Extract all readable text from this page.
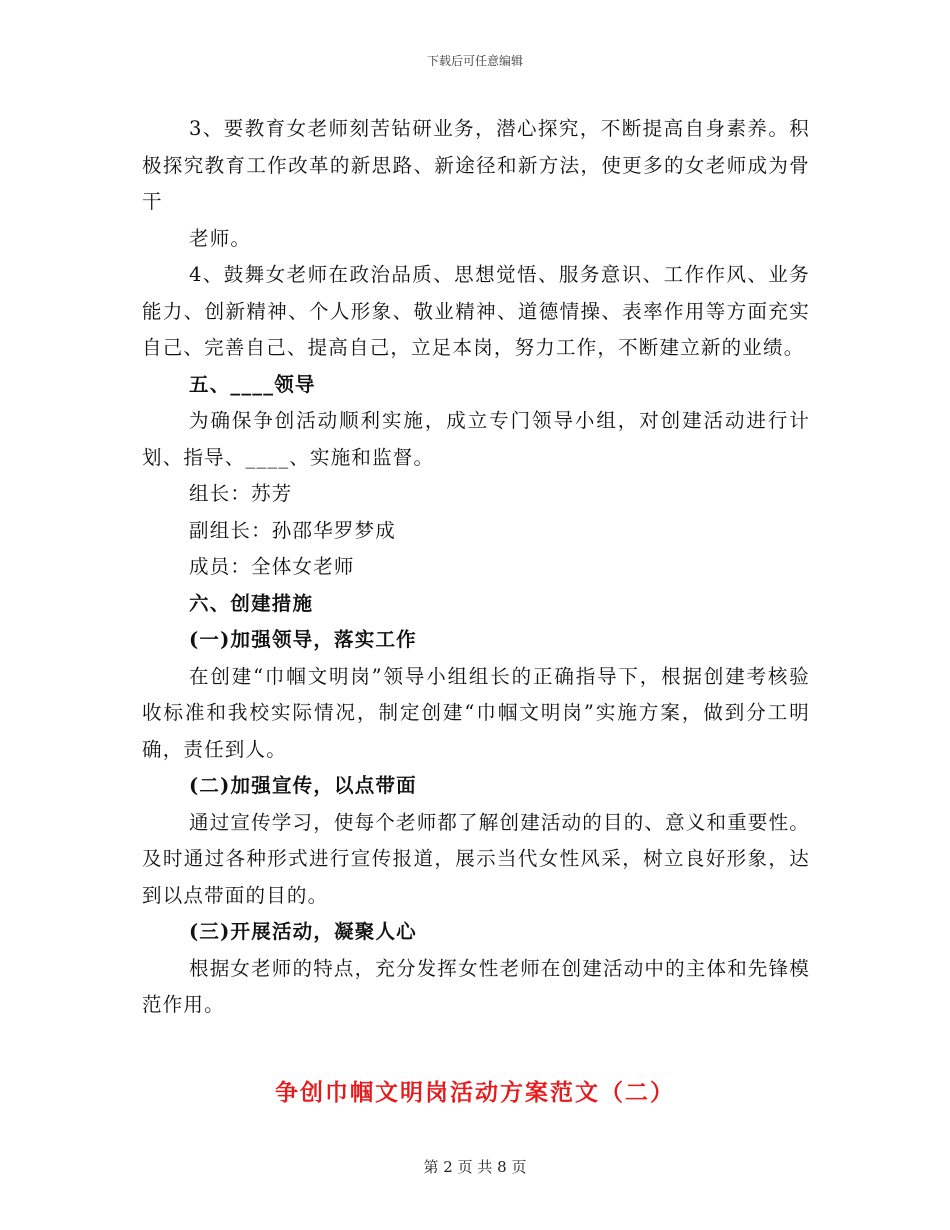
下载后可任意编辑

3、要教育女老师刻苦钻研业务，潜心探究，不断提高自身素养。积极探究教育工作改革的新思路、新途径和新方法，使更多的女老师成为骨干

老师。

4、鼓舞女老师在政治品质、思想觉悟、服务意识、工作作风、业务能力、创新精神、个人形象、敬业精神、道德情操、表率作用等方面充实自己、完善自己、提高自己，立足本岗，努力工作，不断建立新的业绩。

五、____领导

为确保争创活动顺利实施，成立专门领导小组，对创建活动进行计划、指导、____、实施和监督。

组长：苏芳

副组长：孙邵华罗梦成

成员：全体女老师

六、创建措施

(一)加强领导，落实工作

在创建“巾帼文明岗”领导小组组长的正确指导下，根据创建考核验收标准和我校实际情况，制定创建“巾帼文明岗”实施方案，做到分工明确，责任到人。

(二)加强宣传，以点带面

通过宣传学习，使每个老师都了解创建活动的目的、意义和重要性。及时通过各种形式进行宣传报道，展示当代女性风采，树立良好形象，达到以点带面的目的。

(三)开展活动，凝聚人心

根据女老师的特点，充分发挥女性老师在创建活动中的主体和先锋模范作用。

争创巾帼文明岗活动方案范文（二）
第 2 页 共 8 页
